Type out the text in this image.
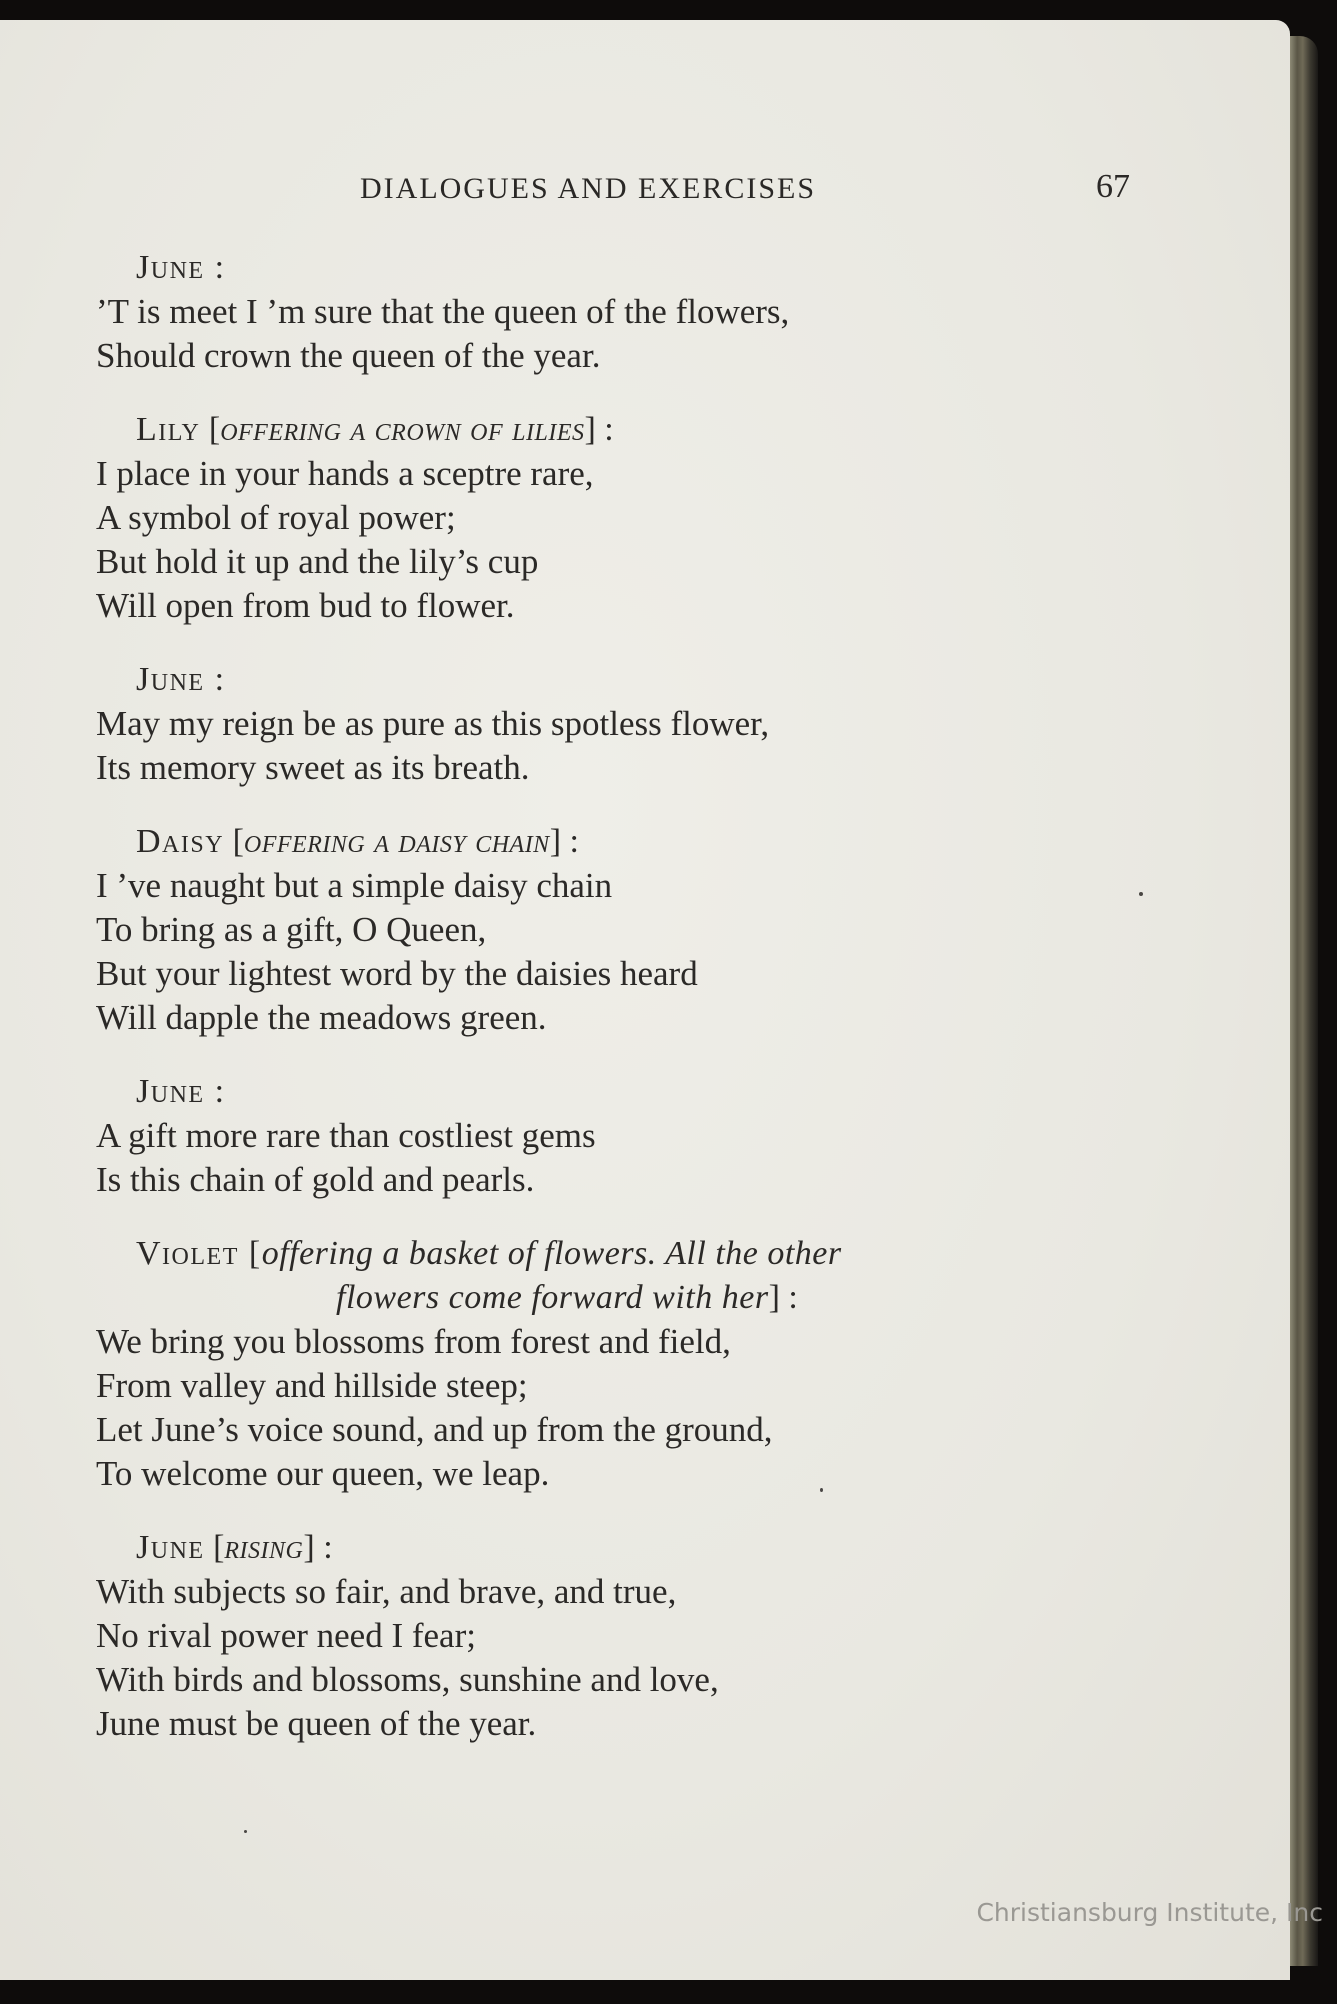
DIALOGUES AND EXERCISES	67
June :
’T is meet I ’m sure that the queen of the flowers,
Should crown the queen of the year.
Lily [offering a crown of lilies] :
I place in your hands a sceptre rare,
A symbol of royal power;
But hold it up and the lily’s cup
Will open from bud to flower.
June :
May my reign be as pure as this spotless flower,
Its memory sweet as its breath.
Daisy [offering a daisy chain] :
I ’ve naught but a simple daisy chain
To bring as a gift, O Queen,
But your lightest word by the daisies heard
Will dapple the meadows green.
June :
A gift more rare than costliest gems
Is this chain of gold and pearls.
Violet [offering a basket of flowers. All the other
flowers come forward with her] :
We bring you blossoms from forest and field,
From valley and hillside steep;
Let June’s voice sound, and up from the ground,
To welcome our queen, we leap.
June [rising] :
With subjects so fair, and brave, and true,
No rival power need I fear;
With birds and blossoms, sunshine and love,
June must be queen of the year.
Christiansburg Institute, Inc
